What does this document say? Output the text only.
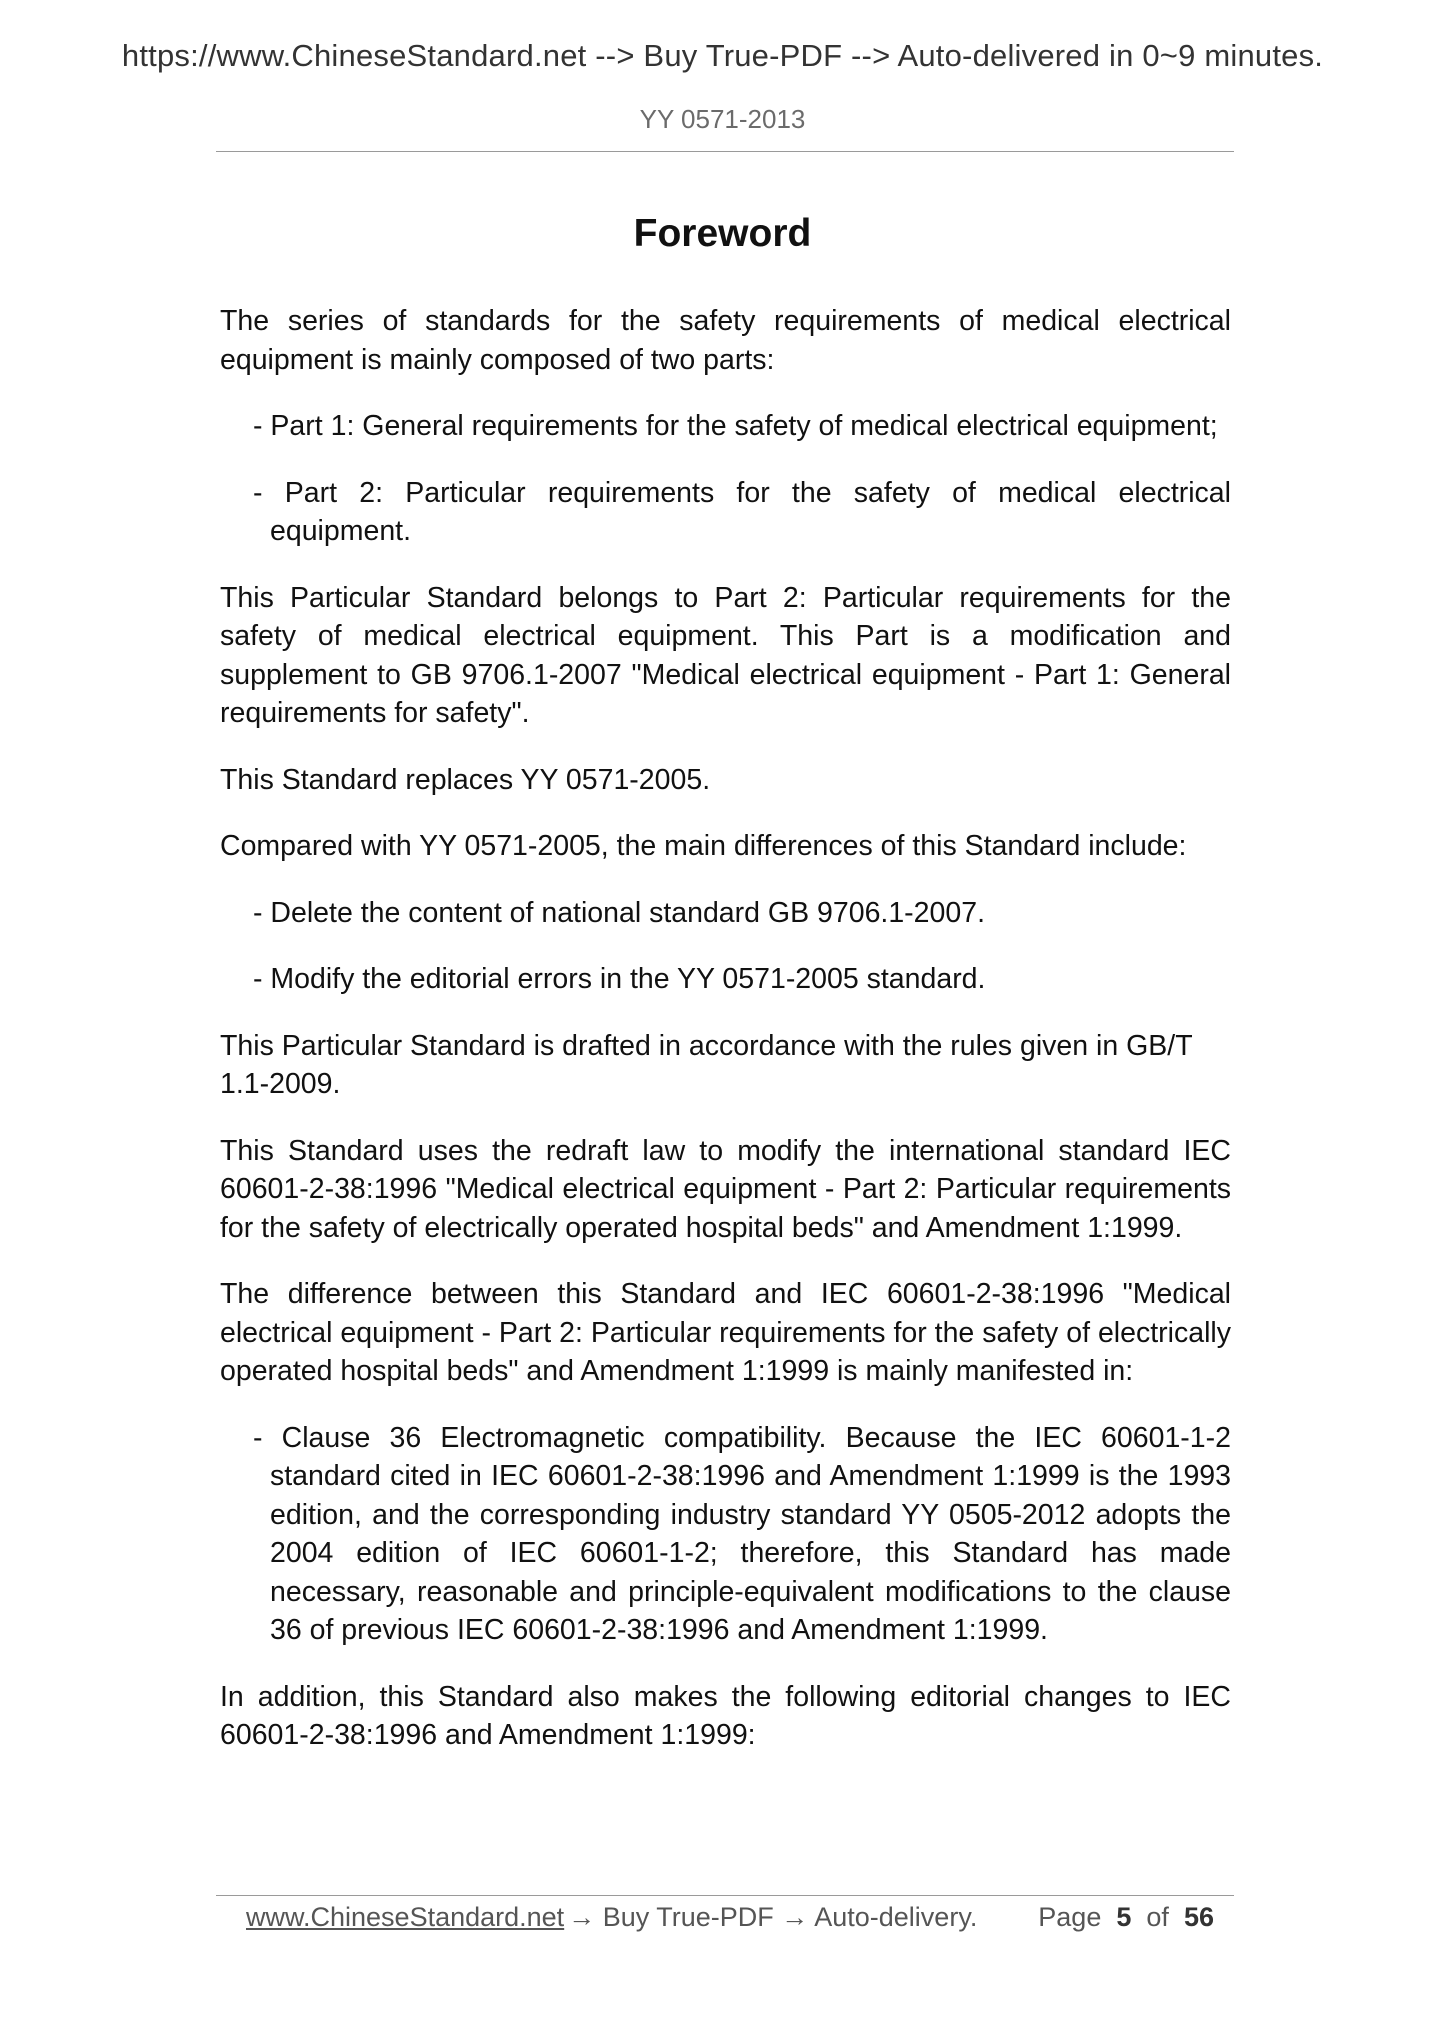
https://www.ChineseStandard.net --> Buy True-PDF --> Auto-delivered in 0~9 minutes.
YY 0571-2013
Foreword

The series of standards for the safety requirements of medical electrical equipment is mainly composed of two parts:

- Part 1: General requirements for the safety of medical electrical equipment;

- Part 2: Particular requirements for the safety of medical electrical equipment.

This Particular Standard belongs to Part 2: Particular requirements for the safety of medical electrical equipment. This Part is a modification and supplement to GB 9706.1-2007 "Medical electrical equipment - Part 1: General requirements for safety".

This Standard replaces YY 0571-2005.

Compared with YY 0571-2005, the main differences of this Standard include:

- Delete the content of national standard GB 9706.1-2007.

- Modify the editorial errors in the YY 0571-2005 standard.

This Particular Standard is drafted in accordance with the rules given in GB/T 1.1-2009.

This Standard uses the redraft law to modify the international standard IEC 60601-2-38:1996 "Medical electrical equipment - Part 2: Particular requirements for the safety of electrically operated hospital beds" and Amendment 1:1999.

The difference between this Standard and IEC 60601-2-38:1996 "Medical electrical equipment - Part 2: Particular requirements for the safety of electrically operated hospital beds" and Amendment 1:1999 is mainly manifested in:

- Clause 36 Electromagnetic compatibility. Because the IEC 60601-1-2 standard cited in IEC 60601-2-38:1996 and Amendment 1:1999 is the 1993 edition, and the corresponding industry standard YY 0505-2012 adopts the 2004 edition of IEC 60601-1-2; therefore, this Standard has made necessary, reasonable and principle-equivalent modifications to the clause 36 of previous IEC 60601-2-38:1996 and Amendment 1:1999.

In addition, this Standard also makes the following editorial changes to IEC 60601-2-38:1996 and Amendment 1:1999:

www.ChineseStandard.net → Buy True-PDF → Auto-delivery. Page 5 of 56
